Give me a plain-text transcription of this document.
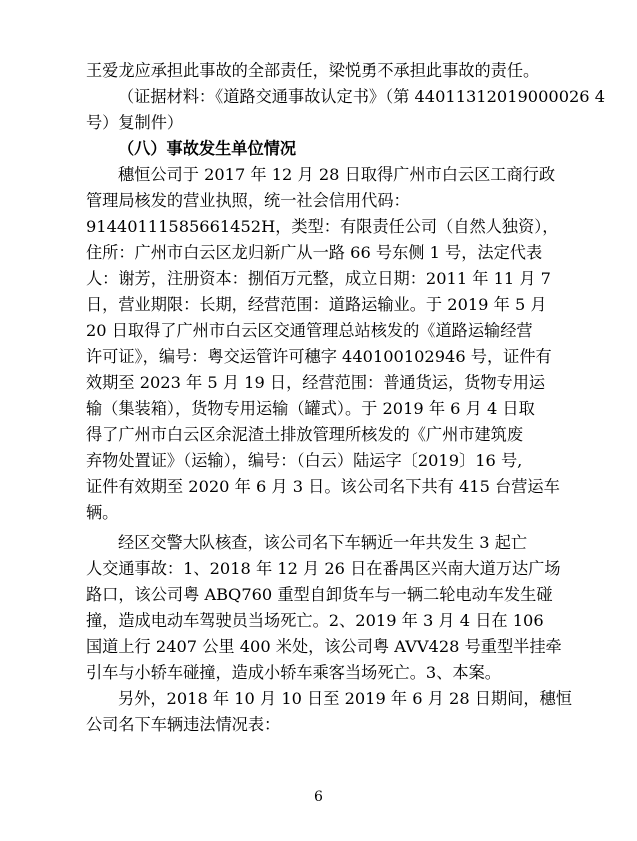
王爱龙应承担此事故的全部责任，梁悦勇不承担此事故的责任。
（证据材料：《道路交通事故认定书》（第 44011312019000026⁠ 4
号）复制件）
（八）事故发生单位情况
穗恒公司于 2017 年 12 月 28 日取得广州市白云区工商行政
管理局核发的营业执照，统一社会信用代码：
91440111585661452H，类型：有限责任公司（自然人独资），
住所：广州市白云区龙归新广从一路 66 号东侧 1 号，法定代表
人：谢芳，注册资本：捌佰万元整，成立日期：2011 年 11 月 7
日，营业期限：长期，经营范围：道路运输业。于 2019 年 5 月
20 日取得了广州市白云区交通管理总站核发的《道路运输经营
许可证》，编号：粤交运管许可穗字 440100102946 号，证件有
效期至 2023 年 5 月 19 日，经营范围：普通货运，货物专用运
输（集装箱），货物专用运输（罐式）。于 2019 年 6 月 4 日取
得了广州市白云区余泥渣土排放管理所核发的《广州市建筑废
弃物处置证》（运输），编号：（白云）陆运字〔2019〕16 号,
证件有效期至 2020 年 6 月 3 日。该公司名下共有 415 台营运车
辆。
经区交警大队核查，该公司名下车辆近一年共发生 3 起亡
人交通事故：1、2018 年 12 月 26 日在番禺区兴南大道万达广场
路口，该公司粤 ABQ760 重型自卸货车与一辆二轮电动车发生碰
撞，造成电动车驾驶员当场死亡。2、2019 年 3 月 4 日在 106
国道上行 2407 公里 400 米处，该公司粤 AVV428 号重型半挂牵
引车与小轿车碰撞，造成小轿车乘客当场死亡。3、本案。
另外，2018 年 10 月 10 日至 2019 年 6 月 28 日期间，穗恒
公司名下车辆违法情况表：
6
